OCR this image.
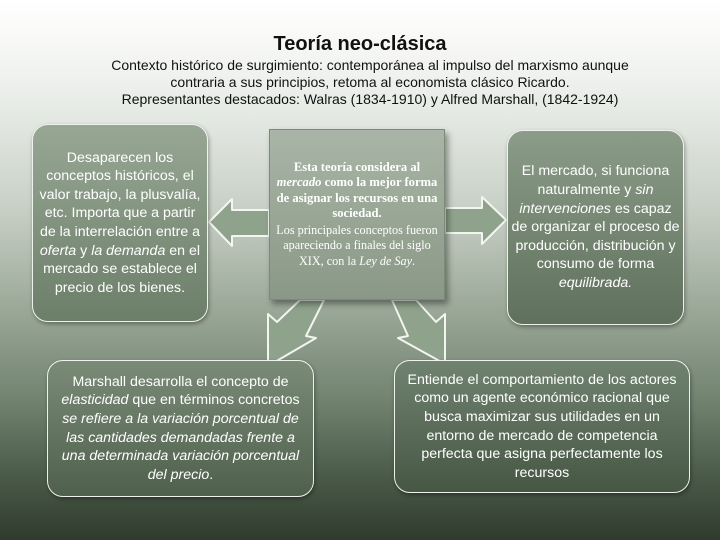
Teoría neo-clásica
Contexto histórico de surgimiento: contemporánea al impulso del marxismo aunque
contraria a sus principios, retoma al economista clásico Ricardo.
Representantes destacados: Walras (1834-1910) y Alfred Marshall, (1842-1924)
Esta teoría considera al mercado como la mejor forma de asignar los recursos en una sociedad.
Los principales conceptos fueron apareciendo a finales del siglo XIX, con la Ley de Say.
Desaparecen los conceptos históricos, el valor trabajo, la plusvalía, etc. Importa que a partir de la interrelación entre a oferta y la demanda en el mercado se establece el precio de los bienes.
El mercado, si funciona naturalmente y sin intervenciones es capaz de organizar el proceso de producción, distribución y consumo de forma equilibrada.
Marshall desarrolla el concepto de elasticidad que en términos concretos se refiere a la variación porcentual de las cantidades demandadas frente a una determinada variación porcentual del precio.
Entiende el comportamiento de los actores como un agente económico racional que busca maximizar sus utilidades en un entorno de mercado de competencia perfecta que asigna perfectamente los recursos
